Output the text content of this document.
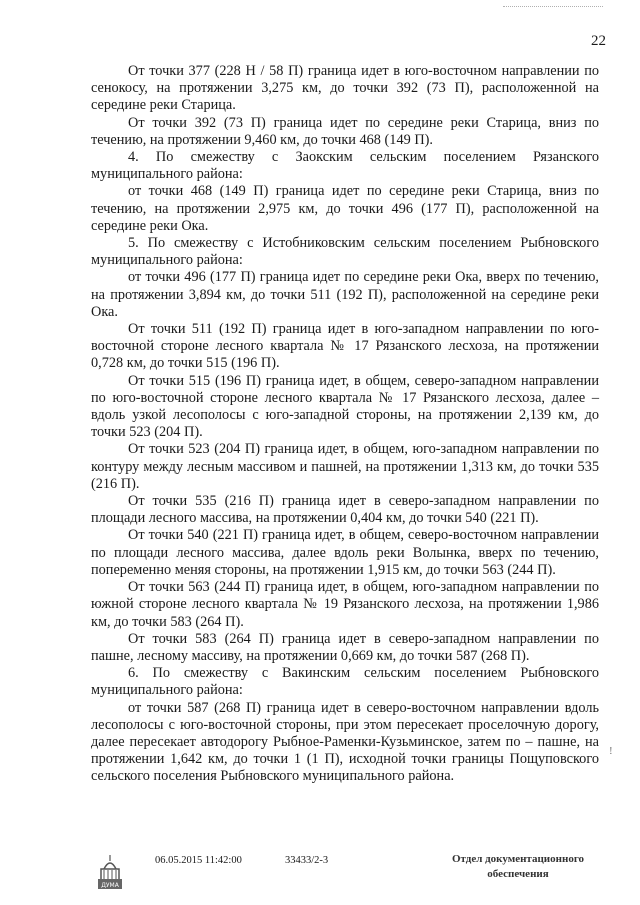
22

От точки 377 (228 Н / 58 П) граница идет в юго-восточном направлении по сенокосу, на протяжении 3,275 км, до точки 392 (73 П), расположенной на середине реки Старица.

От точки 392 (73 П) граница идет по середине реки Старица, вниз по течению, на протяжении 9,460 км, до точки 468 (149 П).

4. По смежеству с Заокским сельским поселением Рязанского муниципального района:

от точки 468 (149 П) граница идет по середине реки Старица, вниз по течению, на протяжении 2,975 км, до точки 496 (177 П), расположенной на середине реки Ока.

5. По смежеству с Истобниковским сельским поселением Рыбновского муниципального района:

от точки 496 (177 П) граница идет по середине реки Ока, вверх по течению, на протяжении 3,894 км, до точки 511 (192 П), расположенной на середине реки Ока.

От точки 511 (192 П) граница идет в юго-западном направлении по юго-восточной стороне лесного квартала № 17 Рязанского лесхоза, на протяжении 0,728 км, до точки 515 (196 П).

От точки 515 (196 П) граница идет, в общем, северо-западном направлении по юго-восточной стороне лесного квартала № 17 Рязанского лесхоза, далее – вдоль узкой лесополосы с юго-западной стороны, на протяжении 2,139 км, до точки 523 (204 П).

От точки 523 (204 П) граница идет, в общем, юго-западном направлении по контуру между лесным массивом и пашней, на протяжении 1,313 км, до точки 535 (216 П).

От точки 535 (216 П) граница идет в северо-западном направлении по площади лесного массива, на протяжении 0,404 км, до точки 540 (221 П).

От точки 540 (221 П) граница идет, в общем, северо-восточном направлении по площади лесного массива, далее вдоль реки Волынка, вверх по течению, попеременно меняя стороны, на протяжении 1,915 км, до точки 563 (244 П).

От точки 563 (244 П) граница идет, в общем, юго-западном направлении по южной стороне лесного квартала № 19 Рязанского лесхоза, на протяжении 1,986 км, до точки 583 (264 П).

От точки 583 (264 П) граница идет в северо-западном направлении по пашне, лесному массиву, на протяжении 0,669 км, до точки 587 (268 П).

6. По смежеству с Вакинским сельским поселением Рыбновского муниципального района:

от точки 587 (268 П) граница идет в северо-восточном направлении вдоль лесополосы с юго-восточной стороны, при этом пересекает проселочную дорогу, далее пересекает автодорогу Рыбное-Раменки-Кузьминское, затем по – пашне, на протяжении 1,642 км, до точки 1 (1 П), исходной точки границы Пощуповского сельского поселения Рыбновского муниципального района.

!
ДУМА
06.05.2015 11:42:00	33433/2-3	Отдел документационного обеспечения
